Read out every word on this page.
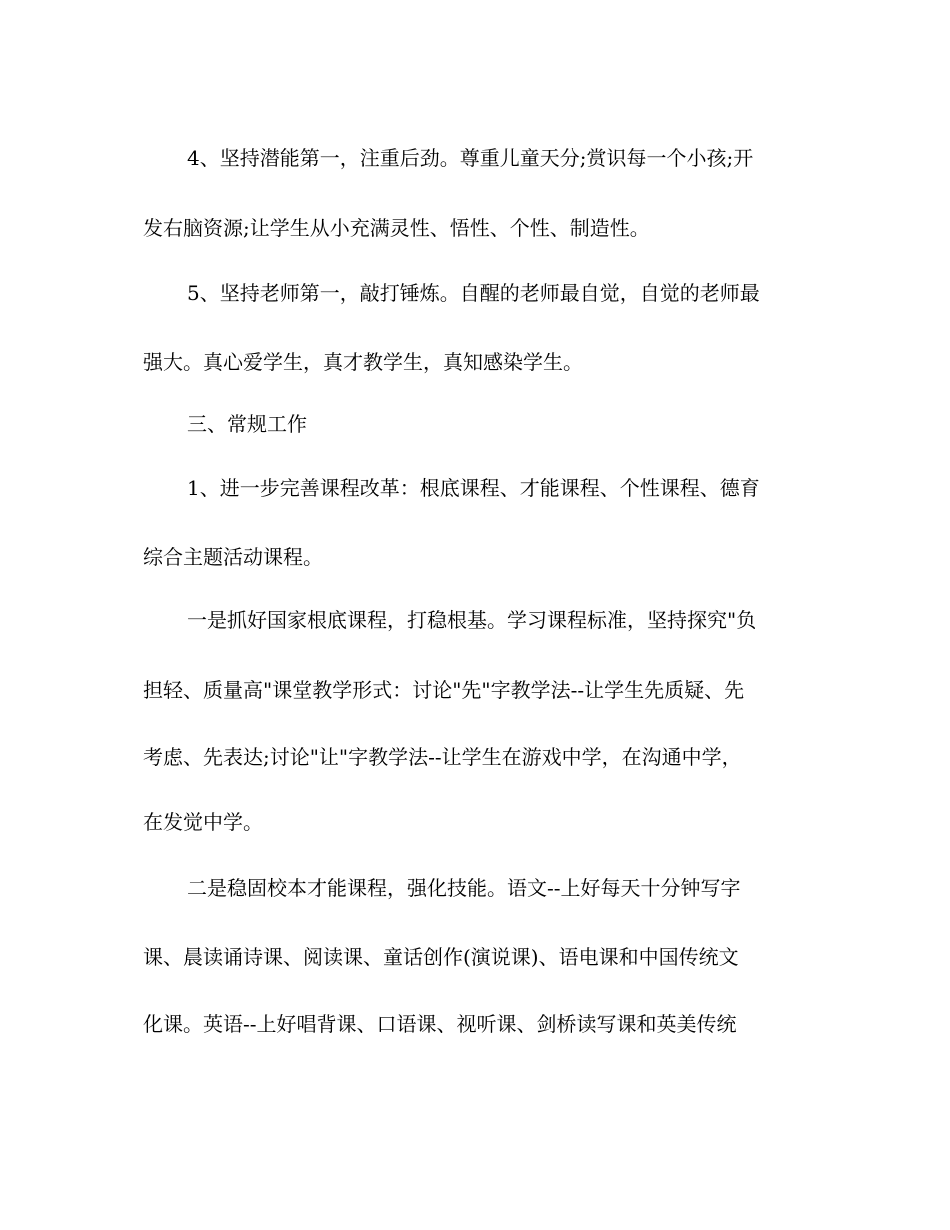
4、坚持潜能第一，注重后劲。尊重儿童天分;赏识每一个小孩;开
发右脑资源;让学生从小充满灵性、悟性、个性、制造性。
5、坚持老师第一，敲打锤炼。自醒的老师最自觉，自觉的老师最
强大。真心爱学生，真才教学生，真知感染学生。
三、常规工作
1、进一步完善课程改革：根底课程、才能课程、个性课程、德育
综合主题活动课程。
一是抓好国家根底课程，打稳根基。学习课程标准，坚持探究"负
担轻、质量高"课堂教学形式：讨论"先"字教学法--让学生先质疑、先
考虑、先表达;讨论"让"字教学法--让学生在游戏中学，在沟通中学，
在发觉中学。
二是稳固校本才能课程，强化技能。语文--上好每天十分钟写字
课、晨读诵诗课、阅读课、童话创作(演说课)、语电课和中国传统文
化课。英语--上好唱背课、口语课、视听课、剑桥读写课和英美传统
